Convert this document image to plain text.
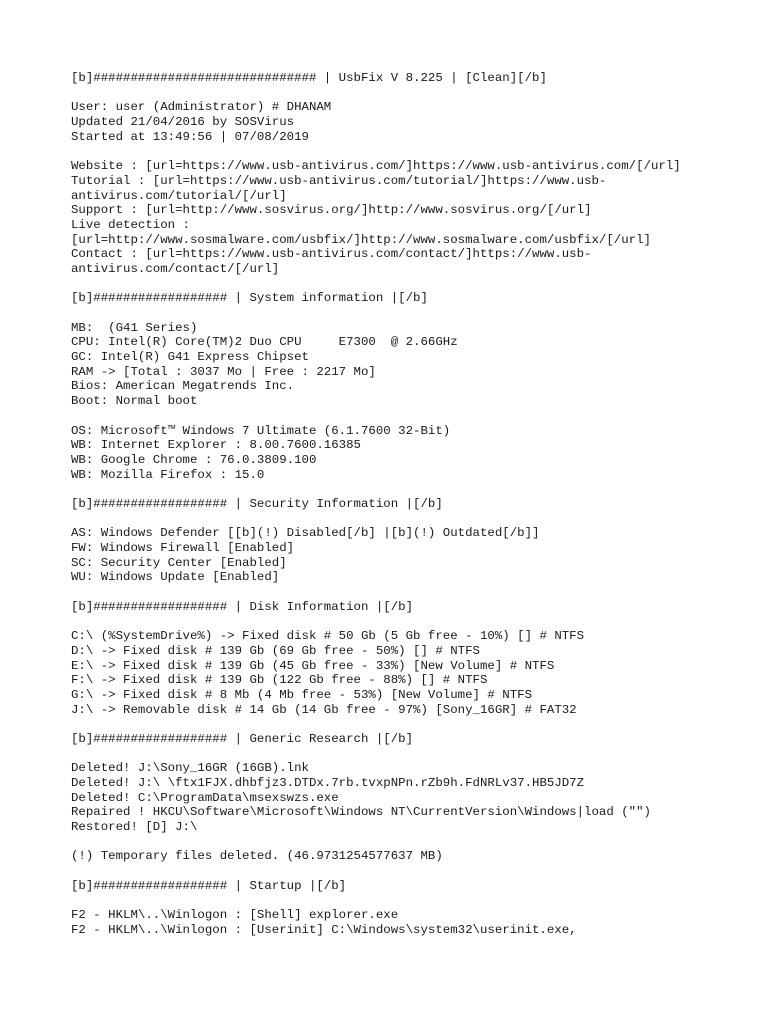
[b]############################## | UsbFix V 8.225 | [Clean][/b]
User: user (Administrator) # DHANAM
Updated 21/04/2016 by SOSVirus
Started at 13:49:56 | 07/08/2019
Website : [url=https://www.usb-antivirus.com/]https://www.usb-antivirus.com/[/url]
Tutorial : [url=https://www.usb-antivirus.com/tutorial/]https://www.usb-
antivirus.com/tutorial/[/url]
Support : [url=http://www.sosvirus.org/]http://www.sosvirus.org/[/url]
Live detection :
[url=http://www.sosmalware.com/usbfix/]http://www.sosmalware.com/usbfix/[/url]
Contact : [url=https://www.usb-antivirus.com/contact/]https://www.usb-
antivirus.com/contact/[/url]
[b]################## | System information |[/b]
MB:  (G41 Series)
CPU: Intel(R) Core(TM)2 Duo CPU     E7300  @ 2.66GHz
GC: Intel(R) G41 Express Chipset
RAM -> [Total : 3037 Mo | Free : 2217 Mo]
Bios: American Megatrends Inc.
Boot: Normal boot
OS: Microsoft™ Windows 7 Ultimate (6.1.7600 32-Bit)
WB: Internet Explorer : 8.00.7600.16385
WB: Google Chrome : 76.0.3809.100
WB: Mozilla Firefox : 15.0
[b]################## | Security Information |[/b]
AS: Windows Defender [[b](!) Disabled[/b] |[b](!) Outdated[/b]]
FW: Windows Firewall [Enabled]
SC: Security Center [Enabled]
WU: Windows Update [Enabled]
[b]################## | Disk Information |[/b]
C:\ (%SystemDrive%) -> Fixed disk # 50 Gb (5 Gb free - 10%) [] # NTFS
D:\ -> Fixed disk # 139 Gb (69 Gb free - 50%) [] # NTFS
E:\ -> Fixed disk # 139 Gb (45 Gb free - 33%) [New Volume] # NTFS
F:\ -> Fixed disk # 139 Gb (122 Gb free - 88%) [] # NTFS
G:\ -> Fixed disk # 8 Mb (4 Mb free - 53%) [New Volume] # NTFS
J:\ -> Removable disk # 14 Gb (14 Gb free - 97%) [Sony_16GR] # FAT32
[b]################## | Generic Research |[/b]
Deleted! J:\Sony_16GR (16GB).lnk
Deleted! J:\ \ftx1FJX.dhbfjz3.DTDx.7rb.tvxpNPn.rZb9h.FdNRLv37.HB5JD7Z
Deleted! C:\ProgramData\msexswzs.exe
Repaired ! HKCU\Software\Microsoft\Windows NT\CurrentVersion\Windows|load ("")
Restored! [D] J:\
(!) Temporary files deleted. (46.9731254577637 MB)
[b]################## | Startup |[/b]
F2 - HKLM\..\Winlogon : [Shell] explorer.exe
F2 - HKLM\..\Winlogon : [Userinit] C:\Windows\system32\userinit.exe,
